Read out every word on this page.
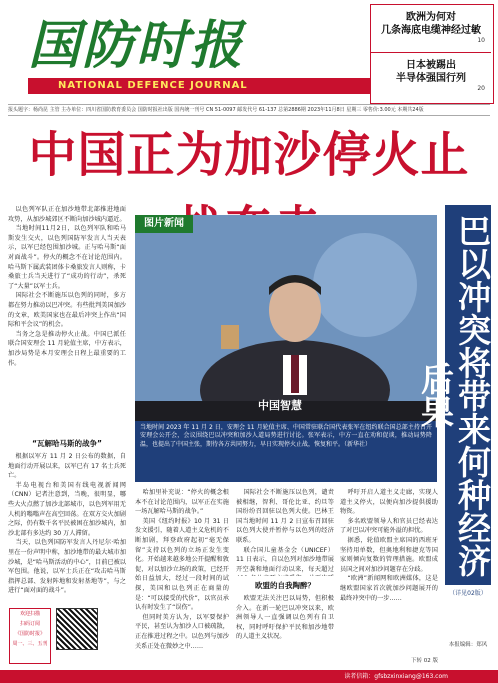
国防时报
NATIONAL DEFENCE JOURNAL
欧洲为何对
几条海底电缆神经过敏
10
日本被踢出
半导体强国行列
20
报头题字：杨尚昆 主管 主办单位：四川省国防教育委员会 国防时报社出版 国内统一刊号 CN 51-0097 邮发代号 61-137 总第2886期 2023年11月8日 星期三 零售价:3.00元 本期共24版
中国正为加沙停火止

以色列军队正在加沙地带北部推进地面攻势，从加沙城郊区不断向加沙城内逼近。

当地时间11月2日，以色列军队和哈马斯发生交火，以色列国防军发言人当天表示，以军已经包围加沙城。正与哈马斯“面对面战斗”。停火的概念不在讨论范围内。哈马斯下属武装团体卡桑旅发言人则称，卡桑旅士兵当天进行了“成功的行动”，杀死了“大量”以军士兵。

国际社会不断施压以色列的同时，多方都在努力推动以巴冲突。有些批判美国加沙的文章，欧美国家也在最后冲突上作出“国际和平会议”的机会。

当务之急是推动停火止战。中国已派任联合国安理会 11 月轮值主席，中方表示，加沙局势是本月安理会日程上最重要的工作。

“瓦解哈马斯的战争”

根据以军方 11 月 2 日公布的数据，自地面行动开展以来，以军已有 17 名士兵死亡。

半岛电视台和美国有线电视新闻网（CNN）记者注意到，当晚，很明显，哪些大火点燃了加沙北部城市，以色列军用无人机的嗡嗡声在高空回荡。在双方交火加剧之际，仍有数千名平民被困在加沙城内，加沙北部有多达约 30 万人滞留。

当天，以色列国防军发言人丹尼尔·哈加里在一份声明中称，加沙地带的最大城市加沙城，是“哈马斯活动的中心”，目前已被以军包围。他说，以军士兵正在“攻击哈马斯指挥总部、发射阵地和发射基地等”，与之进行“面对面的战斗”。

欢迎扫描
扫码订阅
《国防时报》
周一、三、五刊
图片新闻
中国智慧
当地时间 2023 年 11 月 2 日，安理会 11 月轮值主席、中国常驻联合国代表张军在纽约联合国总部主持召开安理会公开会，会议围绕巴以冲突和加沙人道局势进行讨论。张军表示，中方一直在劝和促谈，推动局势降温，也提出了中国主张，期待各方共同努力，早日实现停火止战，恢复和平。（新华社）

哈加里补充说：“停火的概念根本不在讨论范围内，以军正在实施一场瓦解哈马斯的战争。”

美国《纽约时报》10 月 31 日发文援引，随着人道主义危机的不断加剧，拜登政府起初“毫无保留”支持以色列的立场正发生变化。开始越来越多地公开提醒和敦促，对以加沙立场的政策，已经开始日益加大，经过一段时间的试探，美国和以色列正在商量的是：“可以接受的代价”，以官员承认有时发生了“误伤”。

但同时美方认为，以军要保护平民，甚至认为加沙人口被疏散，正在推进过程之中。以色列与加沙关系正处在微妙之中……

国际社会不断施压以色列，谴责被相继，智利、哥伦比亚、约旦等国纷纷召回驻以色列大使。巴林王国当地时间 11 月 2 日宣布召回驻以色列大使并暂停与以色列的经济联系。

联合国儿童基金会（UNICEF）11 日表示，自以色列对加沙地带展开空袭和地面行动以来，每天超过

欧盟的自我陶醉？

欧盟无法关注巴以局势，但积极介入。在新一轮巴以冲突以来，欧洲领导人一直强调以色列有自卫权，同时呼吁保护平民和加沙地带的人道主义状况。

呼吁开启人道主义走廊，实现人道主义停火，以便向加沙提供援助物资。

多名欧盟领导人和官员已经表达了对巴以冲突可能外溢的担忧。

据悉，轮值欧盟主席国的西班牙坚持用单数，但奥地利和捷克等国家则倾向复数的管理措施。欧盟成员国之间对加沙问题存在分歧。

“欧洲”新闻网和欧洲媒体，这是继欧盟国家首次就加沙问题展开的最终冲突中的一步……

下转 02 版
巴以冲突将带来何种经济后果
（详见02版）
本报编辑：郑风
读者信箱：gfsbzxinxiang@163.com
